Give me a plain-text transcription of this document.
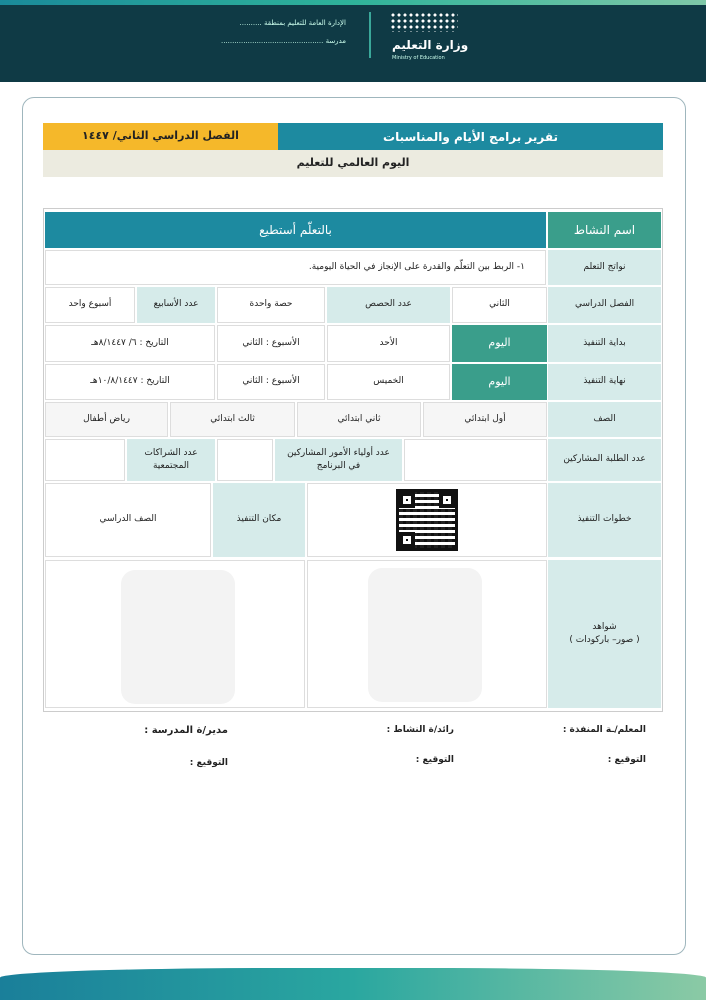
الإدارة العامة للتعليم بمنطقة ..........
مدرسة ..............................................	وزارة التعليم
Ministry of Education
تقرير برامج الأيام والمناسبات
الفصل الدراسي الثاني/ ١٤٤٧
اليوم العالمي للتعليم
اسم النشاط
بالتعلّم أستطيع
نواتج التعلم
١- الربط بين التعلّم والقدرة على الإنجاز في الحياة اليومية.
الفصل الدراسي
الثاني
عدد الحصص
حصة واحدة
عدد الأسابيع
أسبوع واحد
بداية التنفيذ
اليوم
الأحد
الأسبوع : الثاني
التاريخ : ٦/ ٨/١٤٤٧هـ
نهاية التنفيذ
اليوم
الخميس
الأسبوع : الثاني
التاريخ : ١٠/٨/١٤٤٧هـ
الصف
أول ابتدائي
ثاني ابتدائي
ثالث ابتدائي
رياض أطفال
عدد الطلبة المشاركين
عدد أولياء الأمور المشاركين في البرنامج
عدد الشراكات المجتمعية
خطوات التنفيذ
مكان التنفيذ
الصف الدراسي
شواهد
( صور– باركودات )
المعلم/ـة المنفذة :
رائد/ة النشاط :
مدير/ة المدرسة :
التوقيع :
التوقيع :
التوقيع :
